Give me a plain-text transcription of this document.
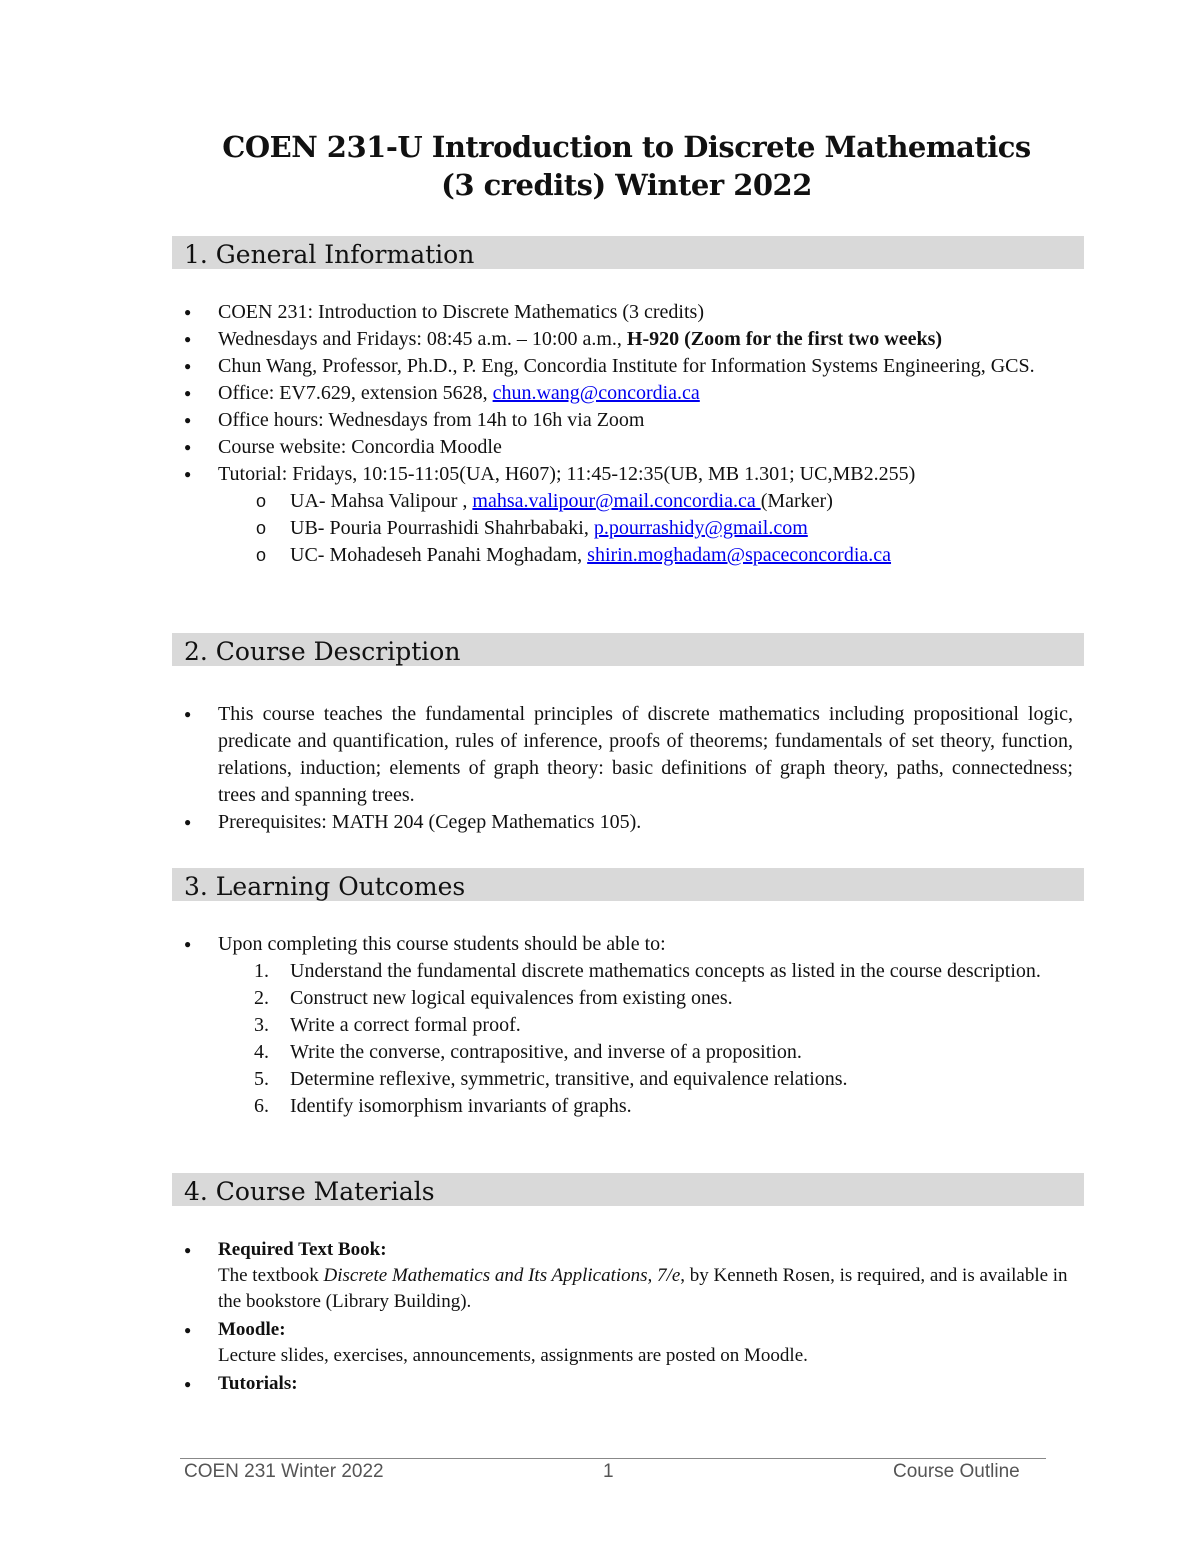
COEN 231-U Introduction to Discrete Mathematics
(3 credits) Winter 2022
1. General Information
● COEN 231: Introduction to Discrete Mathematics (3 credits)
● Wednesdays and Fridays: 08:45 a.m. – 10:00 a.m., H-920 (Zoom for the first two weeks)
● Chun Wang, Professor, Ph.D., P. Eng, Concordia Institute for Information Systems Engineering, GCS.
● Office: EV7.629, extension 5628, chun.wang@concordia.ca
● Office hours: Wednesdays from 14h to 16h via Zoom
● Course website: Concordia Moodle
● Tutorial: Fridays, 10:15-11:05(UA, H607); 11:45-12:35(UB, MB 1.301; UC,MB2.255)
o UA- Mahsa Valipour , mahsa.valipour@mail.concordia.ca (Marker)
o UB- Pouria Pourrashidi Shahrbabaki, p.pourrashidy@gmail.com
o UC- Mohadeseh Panahi Moghadam, shirin.moghadam@spaceconcordia.ca
2. Course Description
● This course teaches the fundamental principles of discrete mathematics including propositional logic, predicate and quantification, rules of inference, proofs of theorems; fundamentals of set theory, function, relations, induction; elements of graph theory: basic definitions of graph theory, paths, connectedness; trees and spanning trees.
● Prerequisites: MATH 204 (Cegep Mathematics 105).
3. Learning Outcomes
● Upon completing this course students should be able to:
1. Understand the fundamental discrete mathematics concepts as listed in the course description.
2. Construct new logical equivalences from existing ones.
3. Write a correct formal proof.
4. Write the converse, contrapositive, and inverse of a proposition.
5. Determine reflexive, symmetric, transitive, and equivalence relations.
6. Identify isomorphism invariants of graphs.
4. Course Materials
● Required Text Book:
The textbook Discrete Mathematics and Its Applications, 7/e, by Kenneth Rosen, is required, and is available in the bookstore (Library Building).
● Moodle:
Lecture slides, exercises, announcements, assignments are posted on Moodle.
● Tutorials:
COEN 231 Winter 2022	1	Course Outline
